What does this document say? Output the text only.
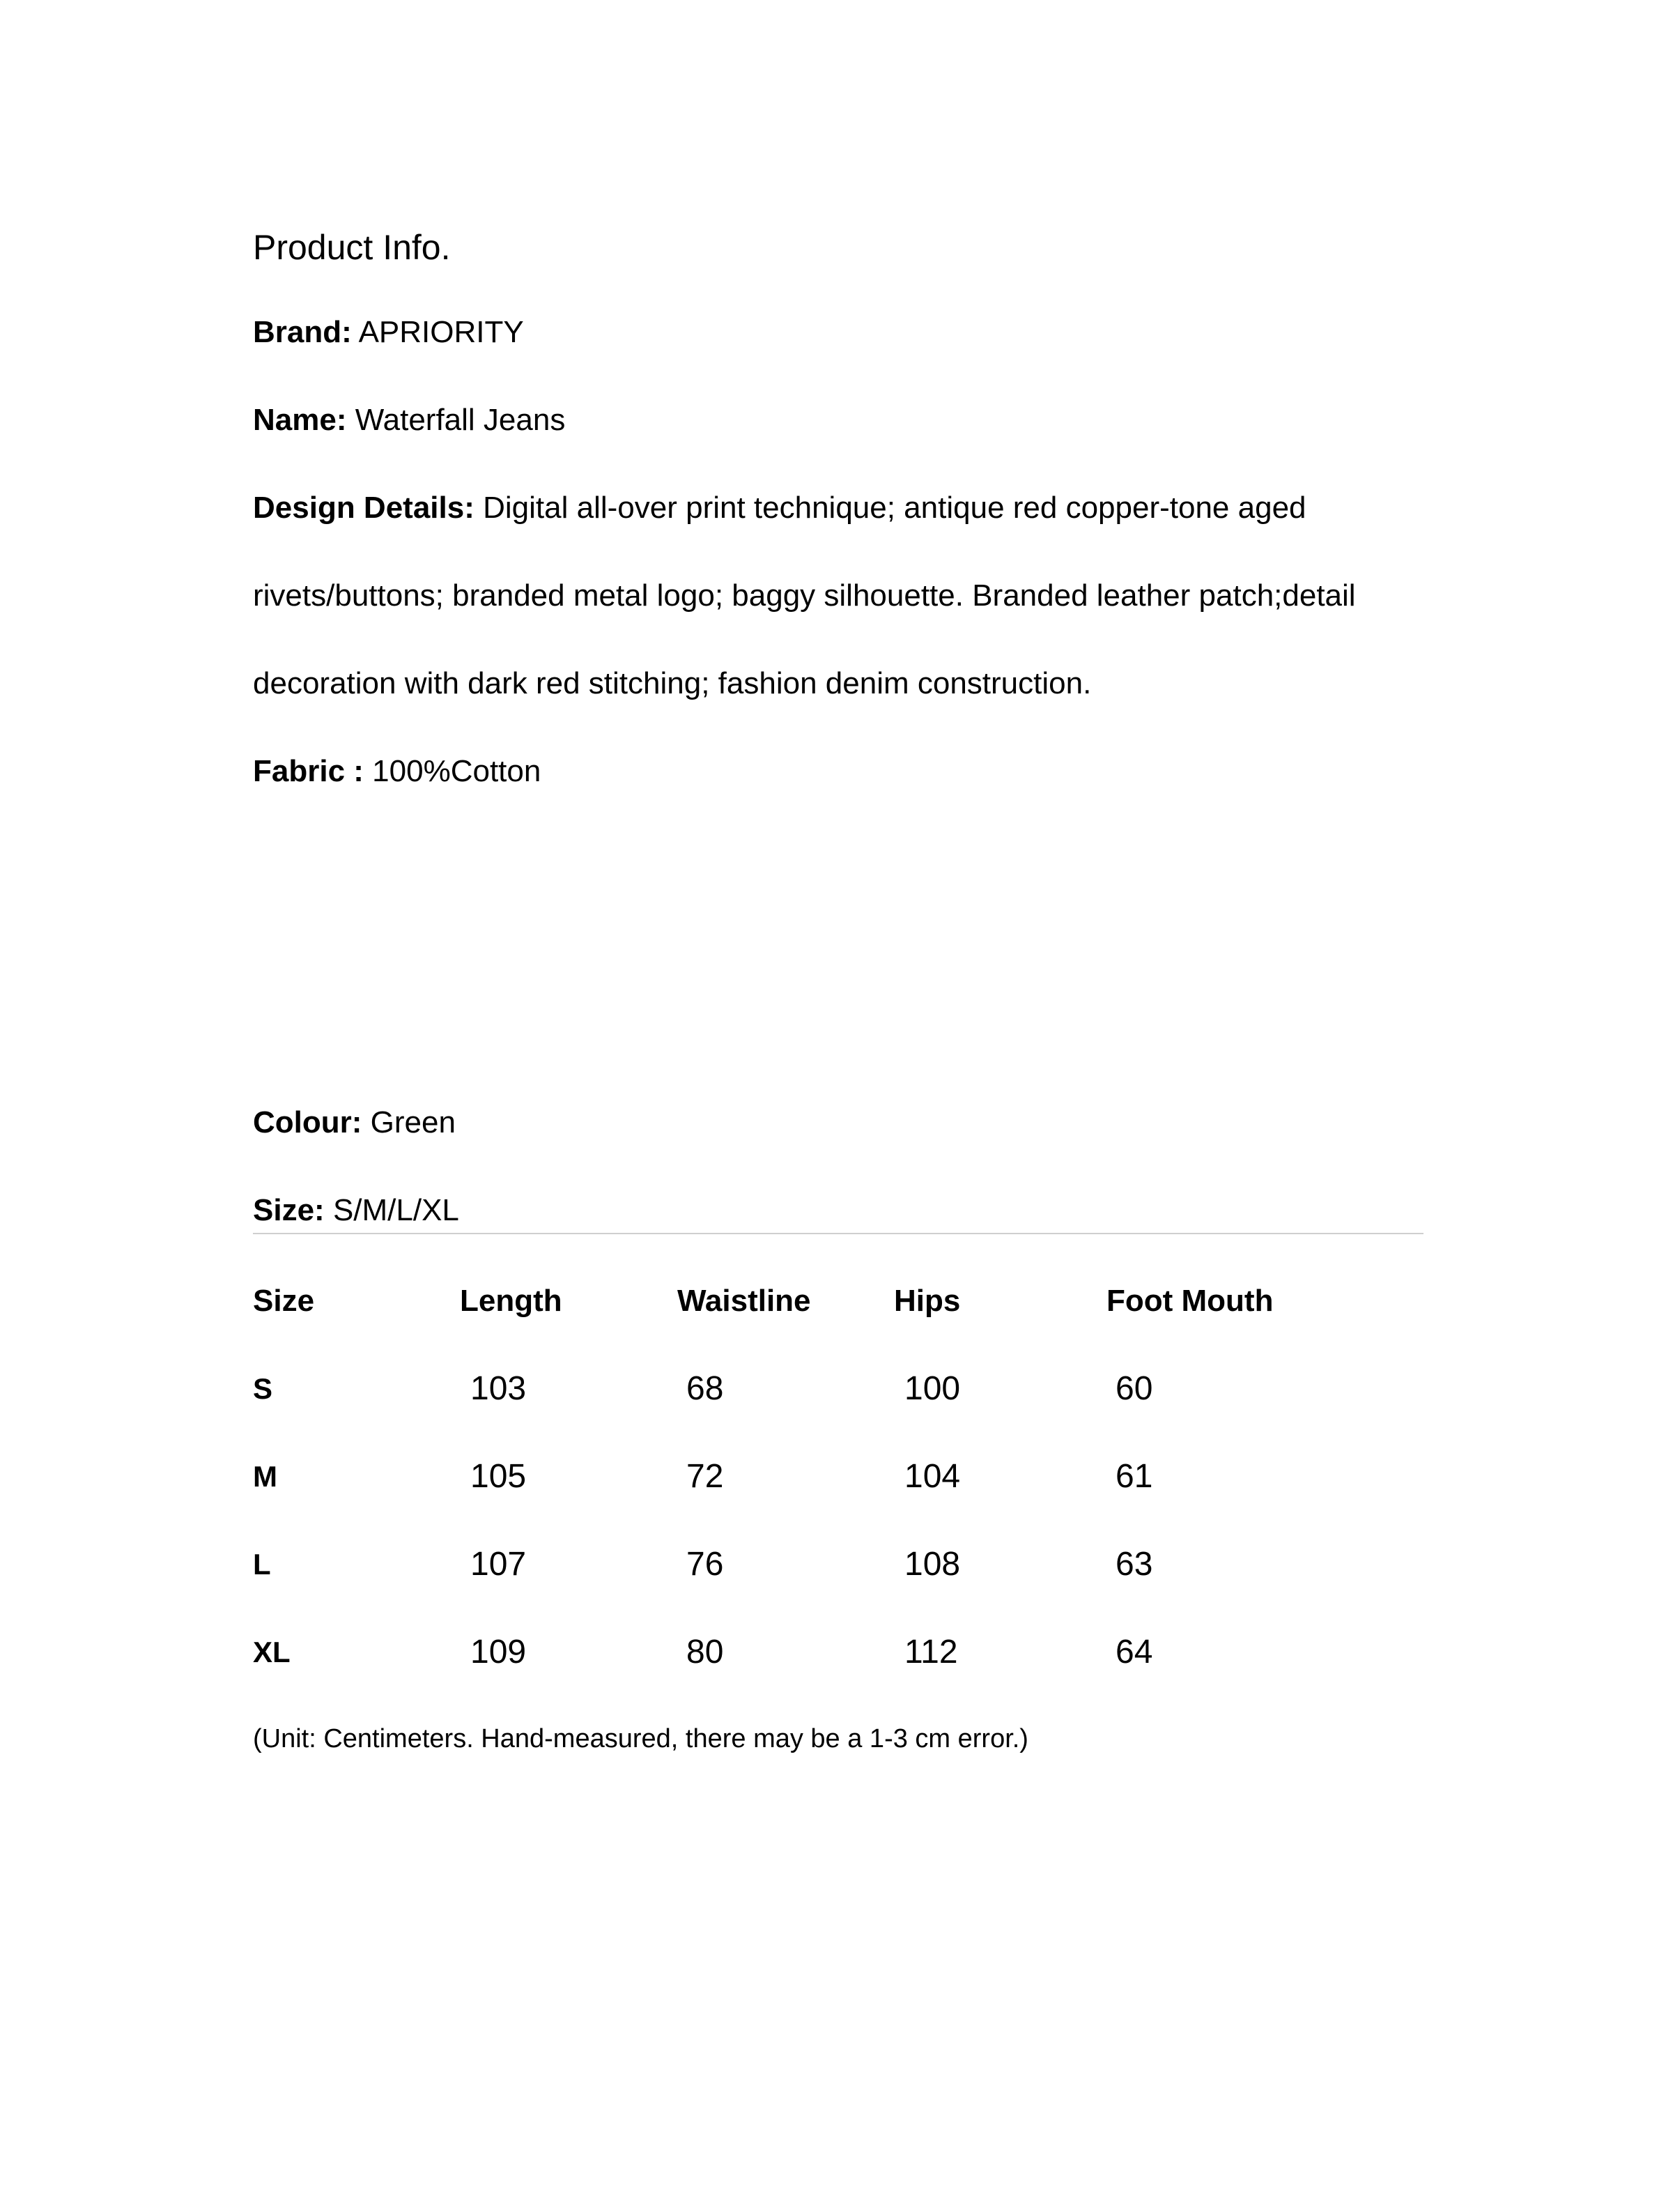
Product Info.
Brand: APRIORITY
Name: Waterfall Jeans
Design Details: Digital all-over print technique; antique red copper-tone aged
rivets/buttons; branded metal logo; baggy silhouette. Branded leather patch;detail
decoration with dark red stitching; fashion denim construction.
Fabric : 100%Cotton
Colour: Green
Size: S/M/L/XL
Size	Length	Waistline	Hips	Foot Mouth
S	103	68	100	60
M	105	72	104	61
L	107	76	108	63
XL	109	80	112	64
(Unit: Centimeters. Hand-measured, there may be a 1-3 cm error.)
